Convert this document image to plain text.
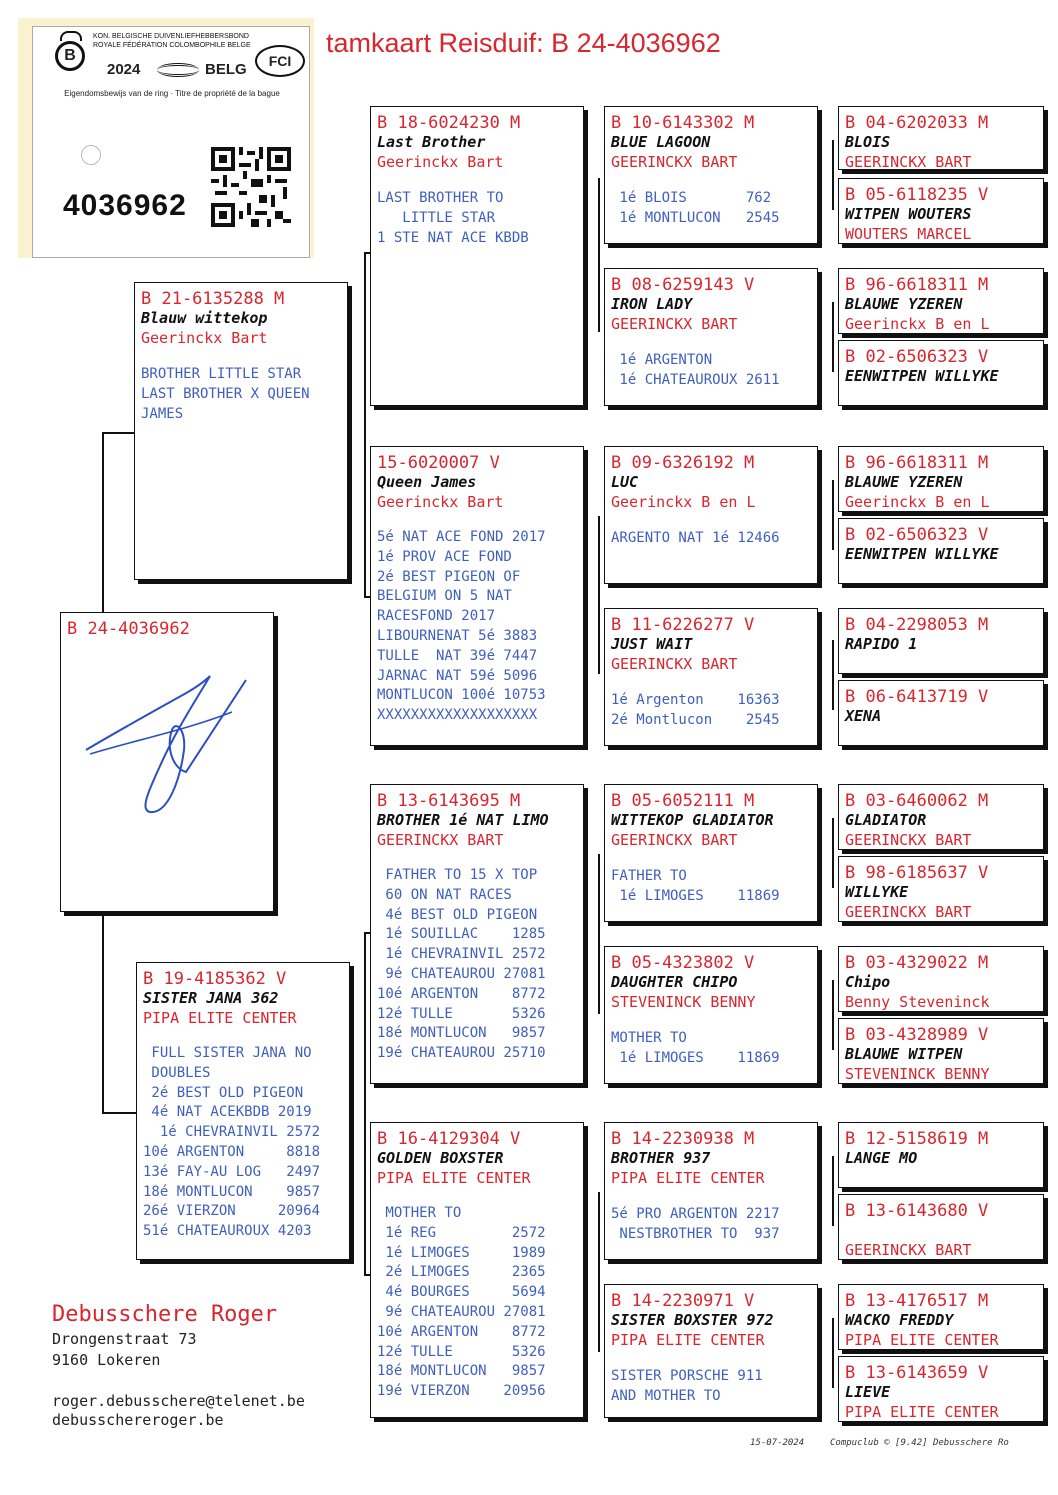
tamkaart Reisduif: B 24-4036962
B
KON. BELGISCHE DUIVENLIEFHEBBERSBOND
ROYALE FÉDÉRATION COLOMBOPHILE BELGE
2024	BELG	FCI
Eigendomsbewijs van de ring · Titre de propriété de la bague
4036962
B 24-4036962
B 21-6135288 M
Blauw wittekop
Geerinckx Bart
BROTHER LITTLE STAR
LAST BROTHER X QUEEN
JAMES
B 19-4185362 V
SISTER JANA 362
PIPA ELITE CENTER
FULL SISTER JANA NO
DOUBLES
2é BEST OLD PIGEON
4é NAT ACEKBDB 2019
1é CHEVRAINVIL 2572
10é ARGENTON     8818
13é FAY-AU LOG   2497
18é MONTLUCON    9857
26é VIERZON     20964
51é CHATEAUROUX 4203
B 18-6024230 M
Last Brother
Geerinckx Bart
LAST BROTHER TO
LITTLE STAR
1 STE NAT ACE KBDB
15-6020007 V
Queen James
Geerinckx Bart
5é NAT ACE FOND 2017
1é PROV ACE FOND
2é BEST PIGEON OF
BELGIUM ON 5 NAT
RACESFOND 2017
LIBOURNENAT 5é 3883
TULLE  NAT 39é 7447
JARNAC NAT 59é 5096
MONTLUCON 100é 10753
XXXXXXXXXXXXXXXXXXX
B 13-6143695 M
BROTHER 1é NAT LIMO
GEERINCKX BART
FATHER TO 15 X TOP
60 ON NAT RACES
4é BEST OLD PIGEON
1é SOUILLAC    1285
1é CHEVRAINVIL 2572
9é CHATEAUROU 27081
10é ARGENTON    8772
12é TULLE       5326
18é MONTLUCON   9857
19é CHATEAUROU 25710
B 16-4129304 V
GOLDEN BOXSTER
PIPA ELITE CENTER
MOTHER TO
1é REG         2572
1é LIMOGES     1989
2é LIMOGES     2365
4é BOURGES     5694
9é CHATEAUROU 27081
10é ARGENTON    8772
12é TULLE       5326
18é MONTLUCON   9857
19é VIERZON    20956
B 10-6143302 M
BLUE LAGOON
GEERINCKX BART
1é BLOIS       762
1é MONTLUCON   2545
B 08-6259143 V
IRON LADY
GEERINCKX BART
1é ARGENTON
1é CHATEAUROUX 2611
B 09-6326192 M
LUC
Geerinckx B en L
ARGENTO NAT 1é 12466
B 11-6226277 V
JUST WAIT
GEERINCKX BART
1é Argenton    16363
2é Montlucon    2545
B 05-6052111 M
WITTEKOP GLADIATOR
GEERINCKX BART
FATHER TO
1é LIMOGES    11869
B 05-4323802 V
DAUGHTER CHIPO
STEVENINCK BENNY
MOTHER TO
1é LIMOGES    11869
B 14-2230938 M
BROTHER 937
PIPA ELITE CENTER
5é PRO ARGENTON 2217
NESTBROTHER TO  937
B 14-2230971 V
SISTER BOXSTER 972
PIPA ELITE CENTER
SISTER PORSCHE 911
AND MOTHER TO
B 04-6202033 M
BLOIS
GEERINCKX BART
B 05-6118235 V
WITPEN WOUTERS
WOUTERS MARCEL
B 96-6618311 M
BLAUWE YZEREN
Geerinckx B en L
B 02-6506323 V
EENWITPEN WILLYKE
B 96-6618311 M
BLAUWE YZEREN
Geerinckx B en L
B 02-6506323 V
EENWITPEN WILLYKE
B 04-2298053 M
RAPIDO 1
B 06-6413719 V
XENA
B 03-6460062 M
GLADIATOR
GEERINCKX BART
B 98-6185637 V
WILLYKE
GEERINCKX BART
B 03-4329022 M
Chipo
Benny Steveninck
B 03-4328989 V
BLAUWE WITPEN
STEVENINCK BENNY
B 12-5158619 M
LANGE MO
B 13-6143680 V
GEERINCKX BART
B 13-4176517 M
WACKO FREDDY
PIPA ELITE CENTER
B 13-6143659 V
LIEVE
PIPA ELITE CENTER
Debusschere Roger
Drongenstraat 73
9160 Lokeren
roger.debusschere@telenet.be
debusschereroger.be
15-07-2024	Compuclub © [9.42] Debusschere Ro
